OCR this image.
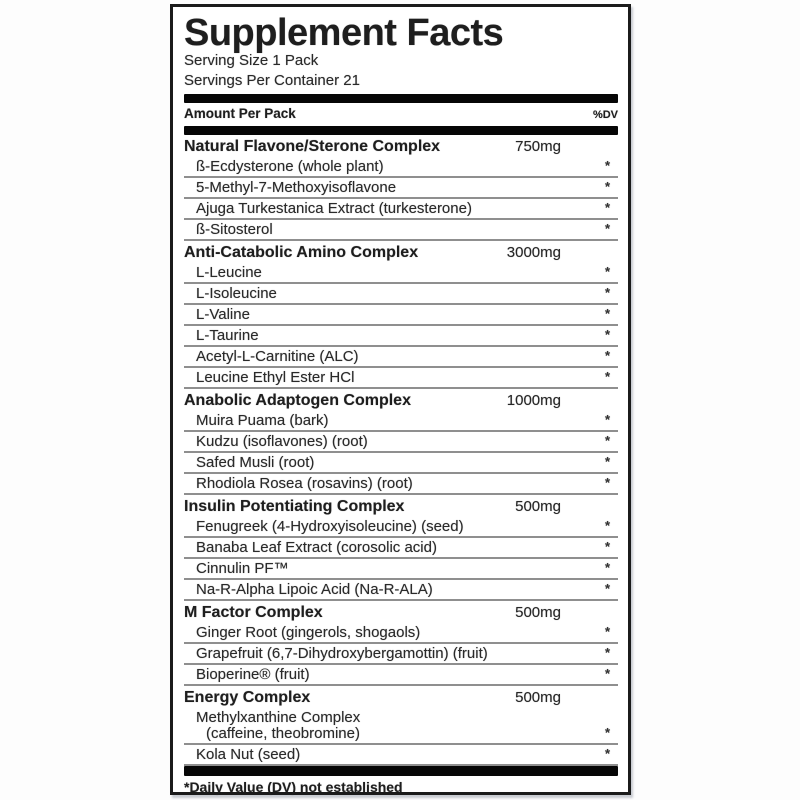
Supplement Facts
Serving Size 1 Pack
Servings Per Container 21
Amount Per Pack	%DV
Natural Flavone/Sterone Complex	750mg
ß-Ecdysterone (whole plant)	*
5-Methyl-7-Methoxyisoflavone	*
Ajuga Turkestanica Extract (turkesterone)	*
ß-Sitosterol	*
Anti-Catabolic Amino Complex	3000mg
L-Leucine	*
L-Isoleucine	*
L-Valine	*
L-Taurine	*
Acetyl-L-Carnitine (ALC)	*
Leucine Ethyl Ester HCl	*
Anabolic Adaptogen Complex	1000mg
Muira Puama (bark)	*
Kudzu (isoflavones) (root)	*
Safed Musli (root)	*
Rhodiola Rosea (rosavins) (root)	*
Insulin Potentiating Complex	500mg
Fenugreek (4-Hydroxyisoleucine) (seed)	*
Banaba Leaf Extract (corosolic acid)	*
Cinnulin PF™	*
Na-R-Alpha Lipoic Acid (Na-R-ALA)	*
M Factor Complex	500mg
Ginger Root (gingerols, shogaols)	*
Grapefruit (6,7-Dihydroxybergamottin) (fruit)	*
Bioperine® (fruit)	*
Energy Complex	500mg
Methylxanthine Complex
(caffeine, theobromine)	*
Kola Nut (seed)	*
*Daily Value (DV) not established
